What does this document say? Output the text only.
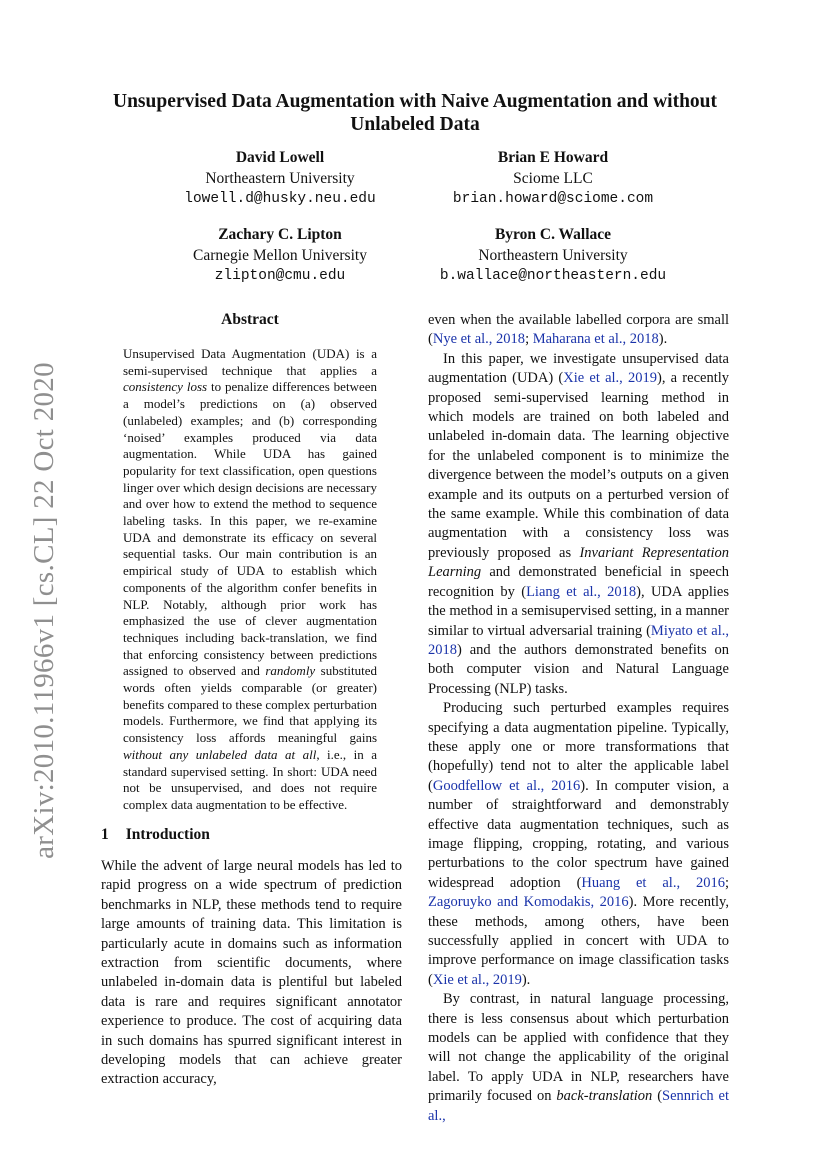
arXiv:2010.11966v1 [cs.CL] 22 Oct 2020
Unsupervised Data Augmentation with Naive Augmentation and without Unlabeled Data
David Lowell
Northeastern University
lowell.d@husky.neu.edu
Brian E Howard
Sciome LLC
brian.howard@sciome.com
Zachary C. Lipton
Carnegie Mellon University
zlipton@cmu.edu
Byron C. Wallace
Northeastern University
b.wallace@northeastern.edu
Abstract

Unsupervised Data Augmentation (UDA) is a semi-supervised technique that applies a consistency loss to penalize differences between a model’s predictions on (a) observed (unlabeled) examples; and (b) corresponding ‘noised’ examples produced via data augmentation. While UDA has gained popularity for text classification, open questions linger over which design decisions are necessary and over how to extend the method to sequence labeling tasks. In this paper, we re-examine UDA and demonstrate its efficacy on several sequential tasks. Our main contribution is an empirical study of UDA to establish which components of the algorithm confer benefits in NLP. Notably, although prior work has emphasized the use of clever augmentation techniques including back-translation, we find that enforcing consistency between predictions assigned to observed and randomly substituted words often yields comparable (or greater) benefits compared to these complex perturbation models. Furthermore, we find that applying its consistency loss affords meaningful gains without any unlabeled data at all, i.e., in a standard supervised setting. In short: UDA need not be unsupervised, and does not require complex data augmentation to be effective.

1 Introduction

While the advent of large neural models has led to rapid progress on a wide spectrum of prediction benchmarks in NLP, these methods tend to require large amounts of training data. This limitation is particularly acute in domains such as information extraction from scientific documents, where unlabeled in-domain data is plentiful but labeled data is rare and requires significant annotator experience to produce. The cost of acquiring data in such domains has spurred significant interest in developing models that can achieve greater extraction accuracy,

even when the available labelled corpora are small (Nye et al., 2018; Maharana et al., 2018).

In this paper, we investigate unsupervised data augmentation (UDA) (Xie et al., 2019), a recently proposed semi-supervised learning method in which models are trained on both labeled and unlabeled in-domain data. The learning objective for the unlabeled component is to minimize the divergence between the model’s outputs on a given example and its outputs on a perturbed version of the same example. While this combination of data augmentation with a consistency loss was previously proposed as Invariant Representation Learning and demonstrated beneficial in speech recognition by (Liang et al., 2018), UDA applies the method in a semisupervised setting, in a manner similar to virtual adversarial training (Miyato et al., 2018) and the authors demonstrated benefits on both computer vision and Natural Language Processing (NLP) tasks.

Producing such perturbed examples requires specifying a data augmentation pipeline. Typically, these apply one or more transformations that (hopefully) tend not to alter the applicable label (Goodfellow et al., 2016). In computer vision, a number of straightforward and demonstrably effective data augmentation techniques, such as image flipping, cropping, rotating, and various perturbations to the color spectrum have gained widespread adoption (Huang et al., 2016; Zagoruyko and Komodakis, 2016). More recently, these methods, among others, have been successfully applied in concert with UDA to improve performance on image classification tasks (Xie et al., 2019).

By contrast, in natural language processing, there is less consensus about which perturbation models can be applied with confidence that they will not change the applicability of the original label. To apply UDA in NLP, researchers have primarily focused on back-translation (Sennrich et al.,
